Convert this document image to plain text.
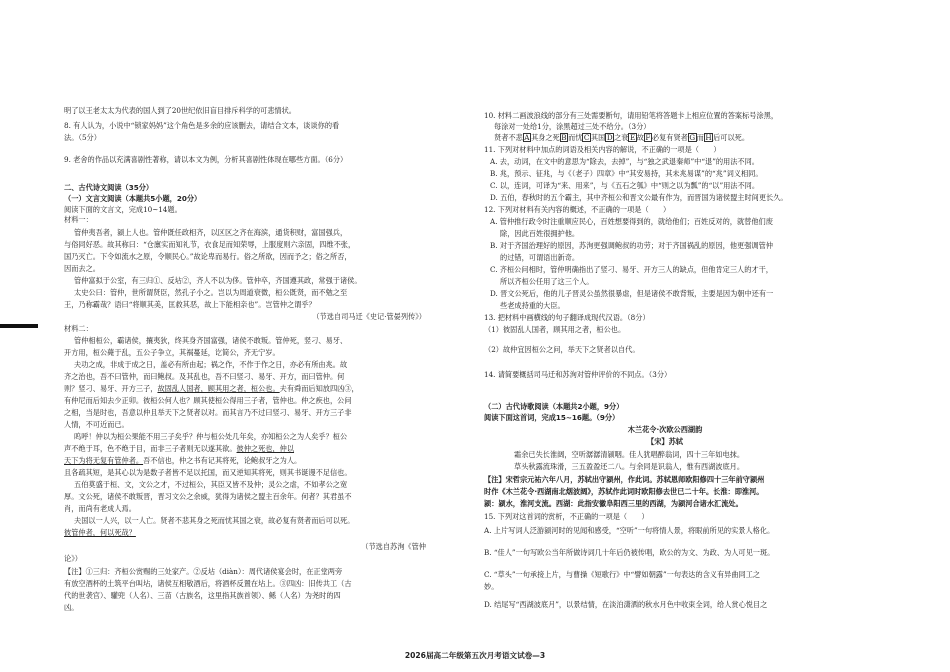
明了以王老太太为代表的国人到了20世纪依旧盲目排斥科学的可悲情状。
8. 有人认为，小说中“锁家妈妈”这个角色是多余的应该删去，请结合文本，谈谈你的看
法。（5分）
9. 老舍的作品以充满喜剧性著称，请以本文为例，分析其喜剧性体现在哪些方面。（6分）
二、古代诗文阅读（35分）
（一）文言文阅读（本题共5小题，20分）
阅读下面的文言文，完成10~14题。
材料一：
管仲夷吾者，颍上人也。管仲既任政相齐，以区区之齐在海滨，通货积财，富国强兵，
与俗同好恶。故其称曰：“仓廪实而知礼节，衣食足而知荣辱，上服度则六亲固，四维不张，
国乃灭亡。下令如流水之原，令顺民心。”故论卑而易行。俗之所欲，因而予之；俗之所否，
因而去之。
管仲富拟于公室，有三归①、反坫②，齐人不以为侈。管仲卒，齐国遵其政，常强于诸侯。
太史公曰：管仲，世所谓贤臣，然孔子小之。岂以为周道衰微，桓公既贤，而不勉之至
王，乃称霸哉？语曰“将顺其美，匡救其恶，故上下能相亲也”。岂管仲之谓乎？
（节选自司马迁《史记·管晏列传》）
材料二：
管仲相桓公，霸诸侯，攘夷狄，终其身齐国富强，诸侯不敢叛。管仲死，竖刁、易牙、
开方用，桓公薨于乱，五公子争立，其祸蔓延，讫简公，齐无宁岁。
夫功之成，非成于成之日，盖必有所由起；祸之作，不作于作之日，亦必有所由兆。故
齐之治也，吾不曰管仲，而曰鲍叔。及其乱也，吾不曰竖刁、易牙、开方，而曰管仲。何
则？竖刁、易牙、开方三子，故固乱人国者，顾其用之者，桓公也。夫有舜而后知放四凶③，
有仲尼而后知去少正卯。彼桓公何人也？顾其使桓公得用三子者，管仲也。仲之疾也，公问
之相，当是时也，吾意以仲且举天下之贤者以对。而其言乃不过曰竖刁、易牙、开方三子非
人情，不可近而已。
呜呼！仲以为桓公果能不用三子矣乎？仲与桓公处几年矣，亦知桓公之为人矣乎？桓公
声不绝于耳，色不绝于目，而非三子者则无以遂其欲。彼仲之死也，仲以
天下为将无复有管仲者。吾不信也，仲之书有记其将死，论鲍叔牙之为人。
且各疏其短，是其心以为是数子者皆不足以托国，而又逆知其将死，则其书诞谩不足信也。
五伯莫盛于桓、文，文公之才，不过桓公，其臣又皆不及仲；灵公之虐，不如孝公之宽
厚。文公死，诸侯不敢叛晋，晋习文公之余威，犹得为诸侯之盟主百余年。何者？其君虽不
肖，而尚有老成人焉。
夫国以一人兴，以一人亡。贤者不悲其身之死而忧其国之衰，故必复有贤者而后可以死。
彼管仲者，何以死哉？
（节选自苏洵《管仲
论》）
【注】①三归：齐桓公赏赐的三处家产。②反坫（diàn）：周代诸侯宴会时，在正堂两旁
有放空酒杯的土筑平台叫坫，诸侯互相敬酒后，将酒杯反置在坫上。③四凶：旧传共工（古
代的世袭官）、驩兜（人名）、三苗（古族名，这里指其族首领）、鲧（人名）为尧时的四
凶。
10. 材料二画波浪线的部分有三处需要断句，请用铅笔将答题卡上相应位置的答案标号涂黑，
每涂对一处给1分，涂黑超过三处不给分。（3分）
贤者不悲 A 其身之死 B 而忧 C 其国 D 之衰 E 故 F 必复有贤者 G 而 H 后可以死。
11. 下列对材料中加点的词语及相关内容的解说，不正确的一项是（　　）
A. 去，动词，在文中的意思为“除去，去掉”，与“独之武退秦师”中“退”的用法不同。
B. 兆，预示、征兆，与《（老子）四章》中“其安易持，其未兆易谋”的“兆”词义相同。
C. 以，连词，可译为“来、用来”，与《五石之瓠》中“则之以为瓢”的“以”用法不同。
D. 五伯，春秋时的五个霸主，其中齐桓公和晋文公最有作为，而晋国为诸侯盟主时间更长久。
12. 下列对材料有关内容的概述，不正确的一项是（　　）
A. 管仲推行政令时注重顺应民心，百姓想要得到的，就给他们；百姓反对的，就替他们废
除，因此百姓很拥护他。
B. 对于齐国治理好的原因，苏洵更强调鲍叔的功劳；对于齐国祸乱的原因，他更强调管仲
的过错，可谓语出新奇。
C. 齐桓公问相时，管仲明确指出了竖刁、易牙、开方三人的缺点，但他肯定三人的才干，
所以齐桓公任用了这三个人。
D. 晋文公死后，他的儿子晋灵公虽然很暴虐，但是诸侯不敢背叛，主要是因为朝中还有一
些老成持重的大臣。
13. 把材料中画横线的句子翻译成现代汉语。（8分）
（1）彼固乱人国者，顾其用之者，桓公也。
（2）故仲宜因桓公之问，举天下之贤者以自代。
14. 请简要概括司马迁和苏洵对管仲评价的不同点。（3分）
（二）古代诗歌阅读（本题共2小题，9分）
阅读下面这首词，完成15~16题。（9分）
木兰花令·次欧公西湖韵
【宋】苏轼
霜余已失长淮阔，空听潺潺清颍咽。佳人犹唱醉翁词，四十三年如电抹。
草头秋露流珠滑，三五盈盈还二八。与余同是识翁人，惟有西湖波底月。
【注】宋哲宗元祐六年八月，苏轼出守颍州，作此词。苏轼恩师欧阳修四十三年前守颍州
时作《木兰花令·西湖南北烟波阔》，苏轼作此词时欧阳修去世已二十年。长淮：即淮河。
颍：颍水，淮河支流。西湖：此指安徽阜阳西三里的西湖，为颍河合诸水汇流处。
15. 下列对这首词的赏析，不正确的一项是（　　）
A. 上片写词人泛游颍河时的见闻和感受，“空听”一句将情人景，将眼前所见的实景人格化。
B. “佳人”一句写欧公当年所做诗词几十年后仍被传唱，欧公的为文、为政、为人可见一斑。
C. “草头”一句承接上片，与曹操《短歌行》中“譬如朝露”一句表达的含义有异曲同工之
妙。
D. 结尾写“西湖波底月”，以景结情，在淡泊潇洒的秋水月色中收束全词，给人赏心悦目之
2026届高二年级第五次月考语文试卷—3
